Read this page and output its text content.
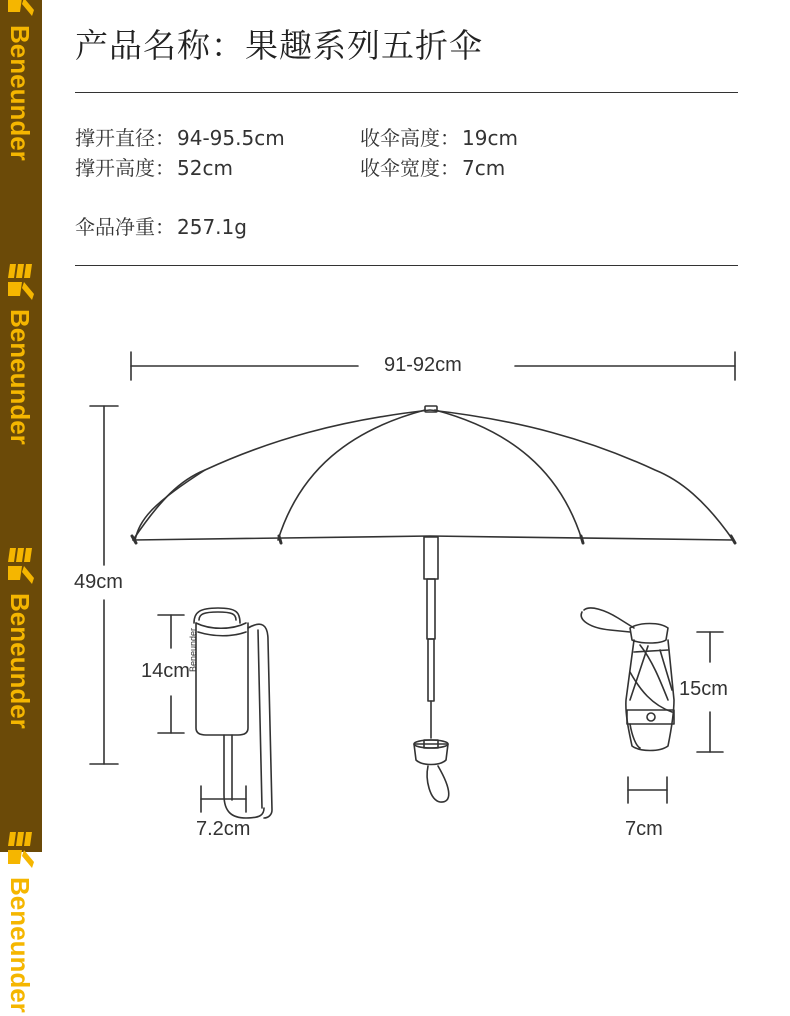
Beneunder
Beneunder
Beneunder
Beneunder
产品名称：果趣系列五折伞
撑开直径： 94-95.5cm	收伞高度： 19cm
撑开高度： 52cm	收伞宽度： 7cm
伞品净重： 257.1g
Beneunder
91-92cm
49cm
14cm
7.2cm
15cm
7cm
